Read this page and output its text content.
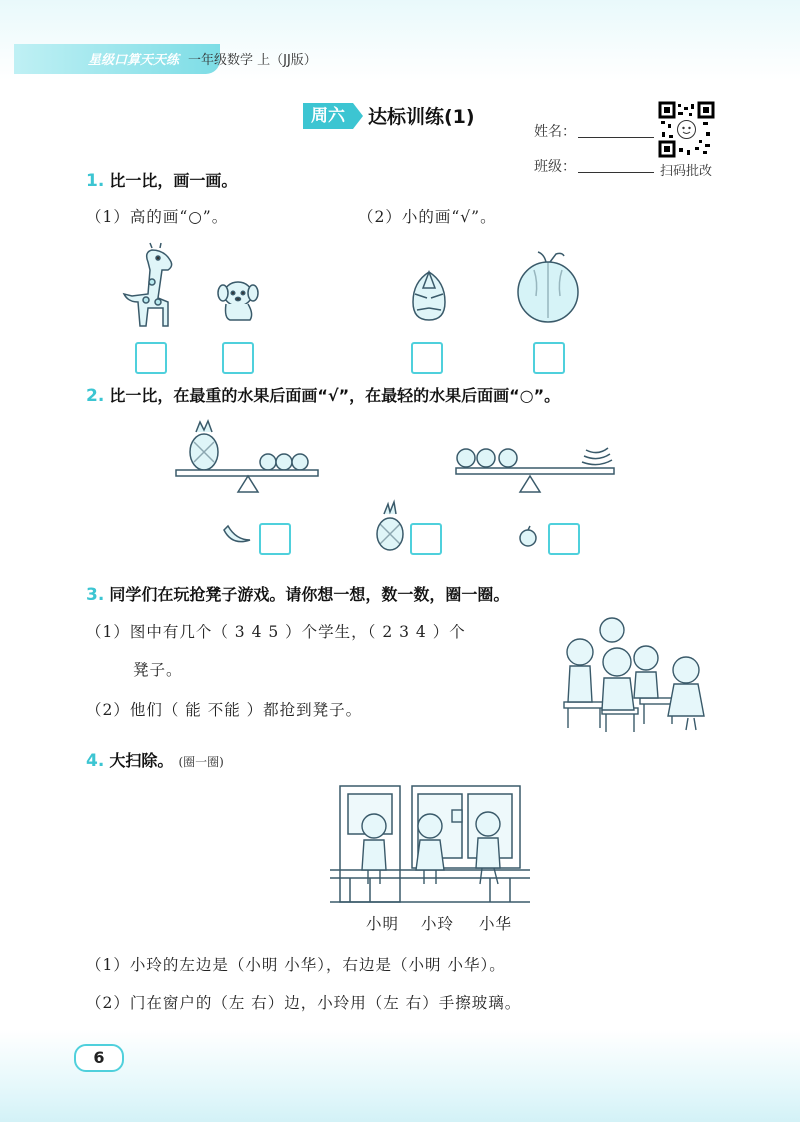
星级口算天天练 一年级数学 上（JJ版）
周六	达标训练(1)
姓名：
班级：	扫码批改
1. 比一比，画一画。
（1）高的画“○”。	（2）小的画“√”。
2. 比一比，在最重的水果后面画“√”，在最轻的水果后面画“○”。
3. 同学们在玩抢凳子游戏。请你想一想，数一数，圈一圈。
（1）图中有几个（ 3 4 5 ）个学生，（ 2 3 4 ）个
凳子。
（2）他们（ 能 不能 ）都抢到凳子。
4. 大扫除。 (圈一圈)
小明 小玲 小华
（1）小玲的左边是（小明 小华），右边是（小明 小华）。
（2）门在窗户的（左 右）边，小玲用（左 右）手擦玻璃。
6
